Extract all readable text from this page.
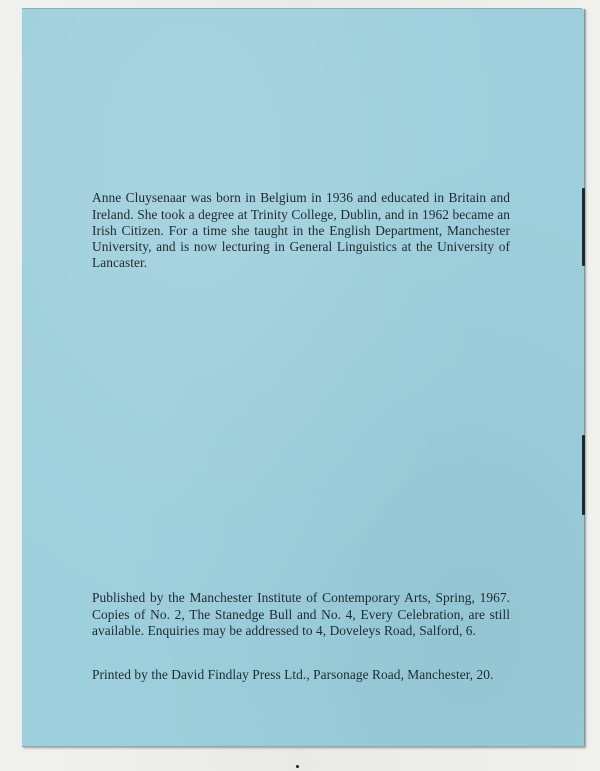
Anne Cluysenaar was born in Belgium in 1936 and educated in Britain and Ireland. She took a degree at Trinity College, Dublin, and in 1962 became an Irish Citizen. For a time she taught in the English Department, Manchester University, and is now lecturing in General Linguistics at the University of Lancaster.

Published by the Manchester Institute of Contemporary Arts, Spring, 1967. Copies of No. 2, The Stanedge Bull and No. 4, Every Celebration, are still available. Enquiries may be addressed to 4, Doveleys Road, Salford, 6.

Printed by the David Findlay Press Ltd., Parsonage Road, Manchester, 20.
